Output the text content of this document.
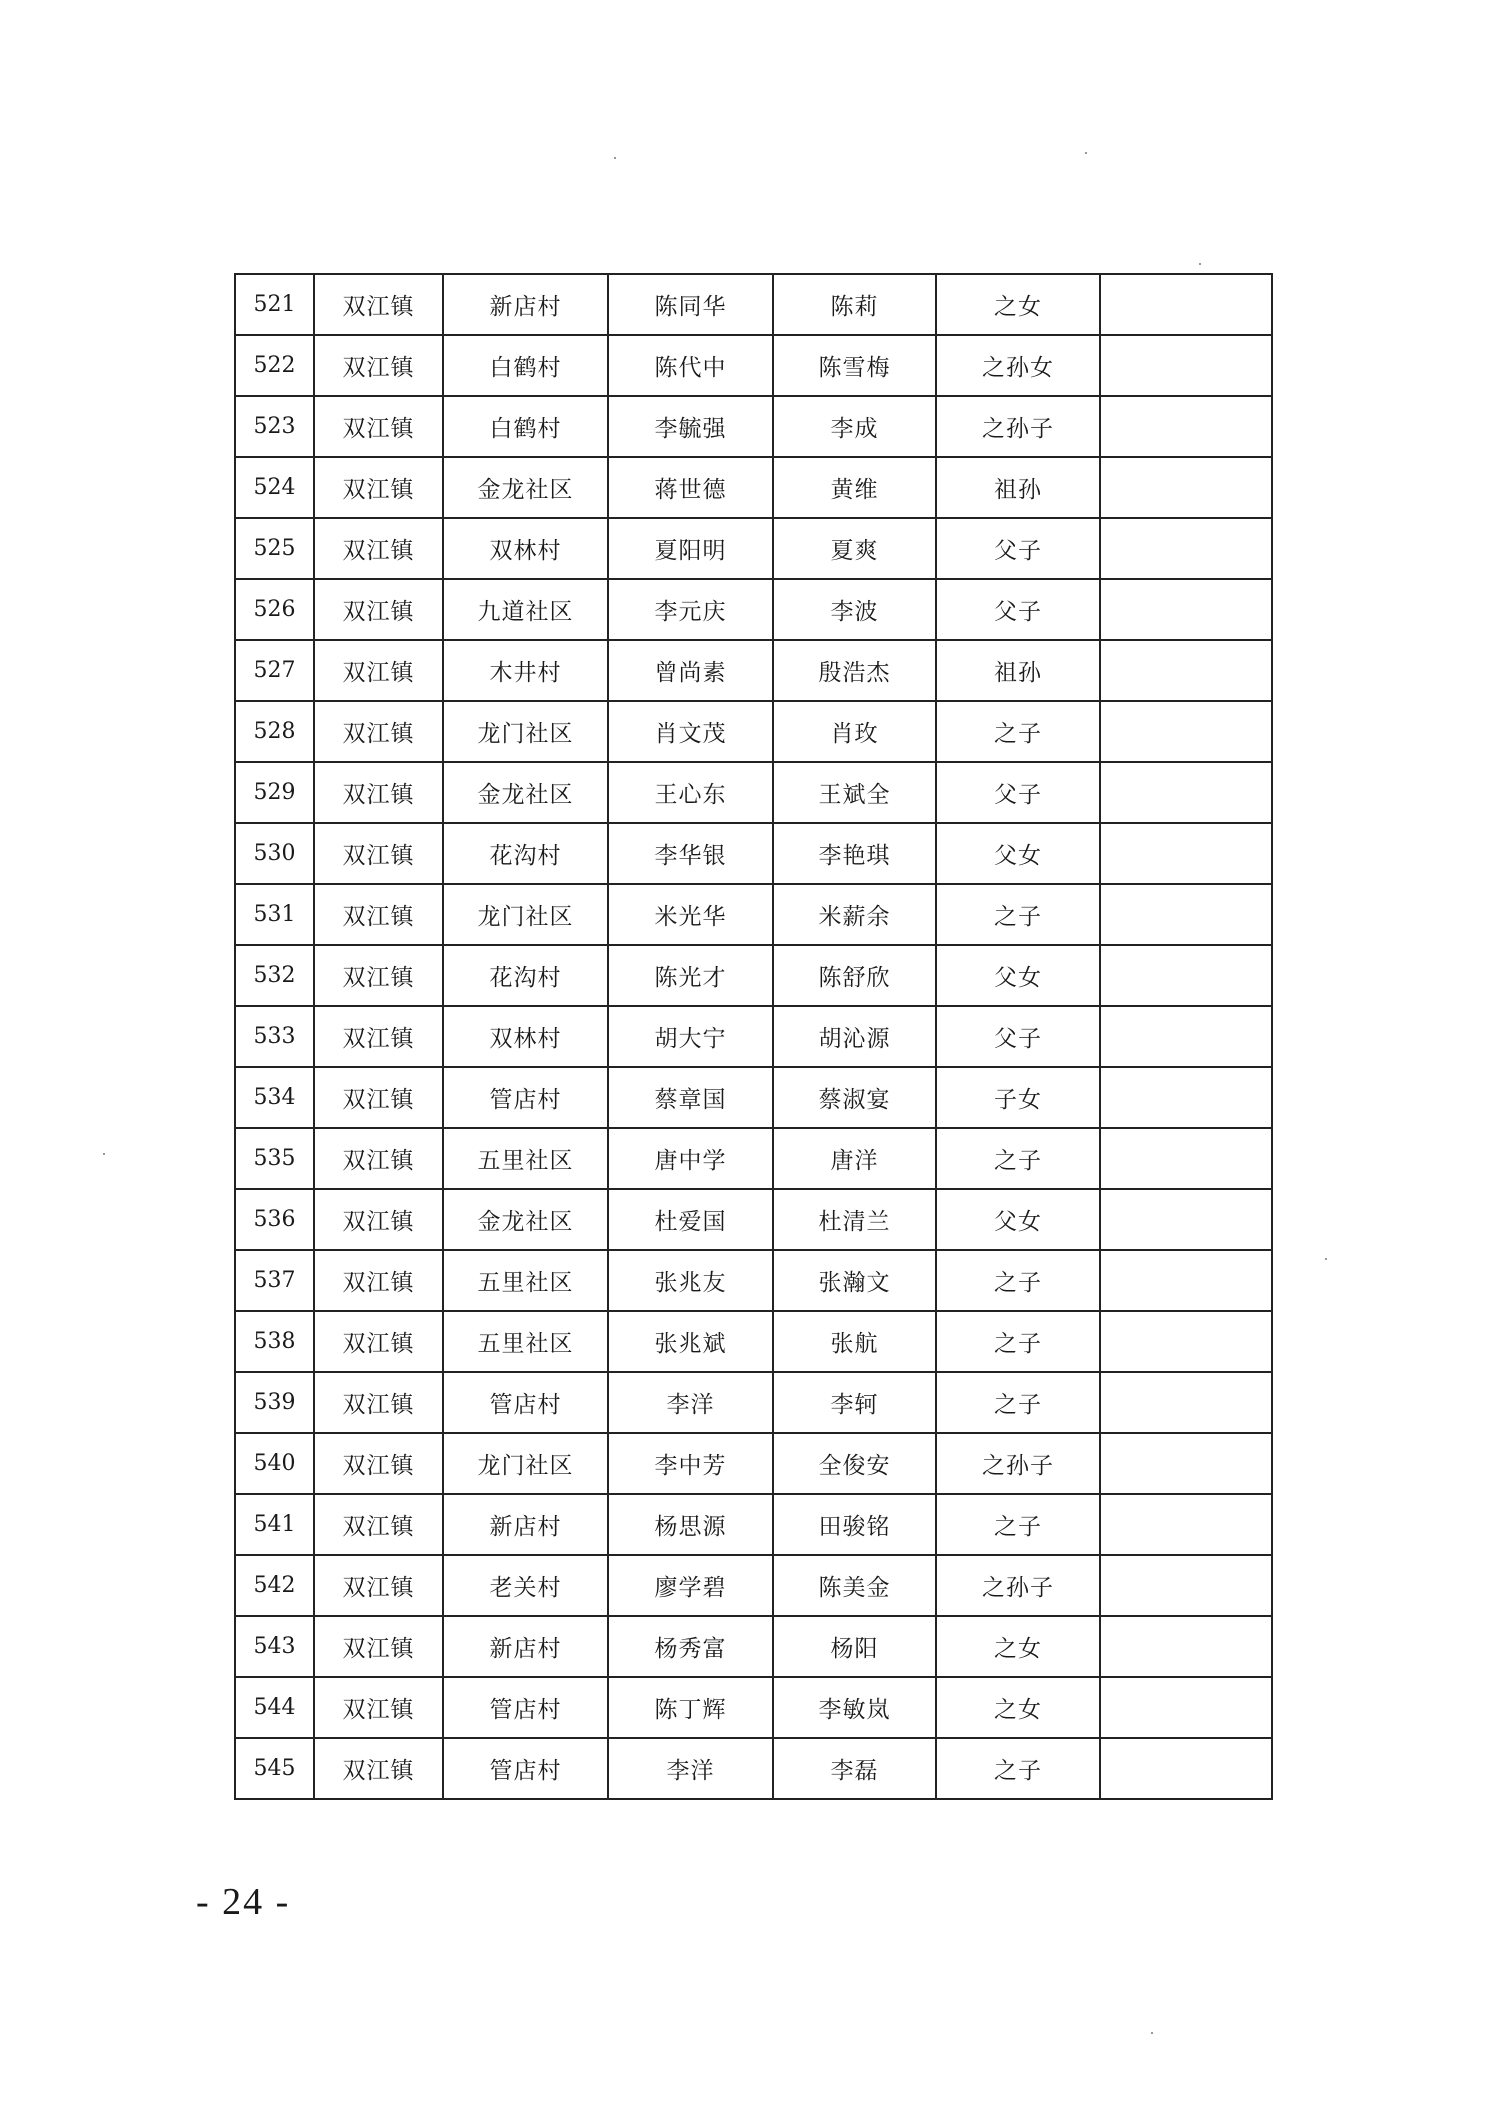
521	双江镇	新店村	陈同华	陈莉	之女	
522	双江镇	白鹤村	陈代中	陈雪梅	之孙女	
523	双江镇	白鹤村	李毓强	李成	之孙子	
524	双江镇	金龙社区	蒋世德	黄维	祖孙	
525	双江镇	双林村	夏阳明	夏爽	父子	
526	双江镇	九道社区	李元庆	李波	父子	
527	双江镇	木井村	曾尚素	殷浩杰	祖孙	
528	双江镇	龙门社区	肖文茂	肖玫	之子	
529	双江镇	金龙社区	王心东	王斌全	父子	
530	双江镇	花沟村	李华银	李艳琪	父女	
531	双江镇	龙门社区	米光华	米薪余	之子	
532	双江镇	花沟村	陈光才	陈舒欣	父女	
533	双江镇	双林村	胡大宁	胡沁源	父子	
534	双江镇	管店村	蔡章国	蔡淑宴	子女	
535	双江镇	五里社区	唐中学	唐洋	之子	
536	双江镇	金龙社区	杜爱国	杜清兰	父女	
537	双江镇	五里社区	张兆友	张瀚文	之子	
538	双江镇	五里社区	张兆斌	张航	之子	
539	双江镇	管店村	李洋	李轲	之子	
540	双江镇	龙门社区	李中芳	全俊安	之孙子	
541	双江镇	新店村	杨思源	田骏铭	之子	
542	双江镇	老关村	廖学碧	陈美金	之孙子	
543	双江镇	新店村	杨秀富	杨阳	之女	
544	双江镇	管店村	陈丁辉	李敏岚	之女	
545	双江镇	管店村	李洋	李磊	之子	
- 24 -
